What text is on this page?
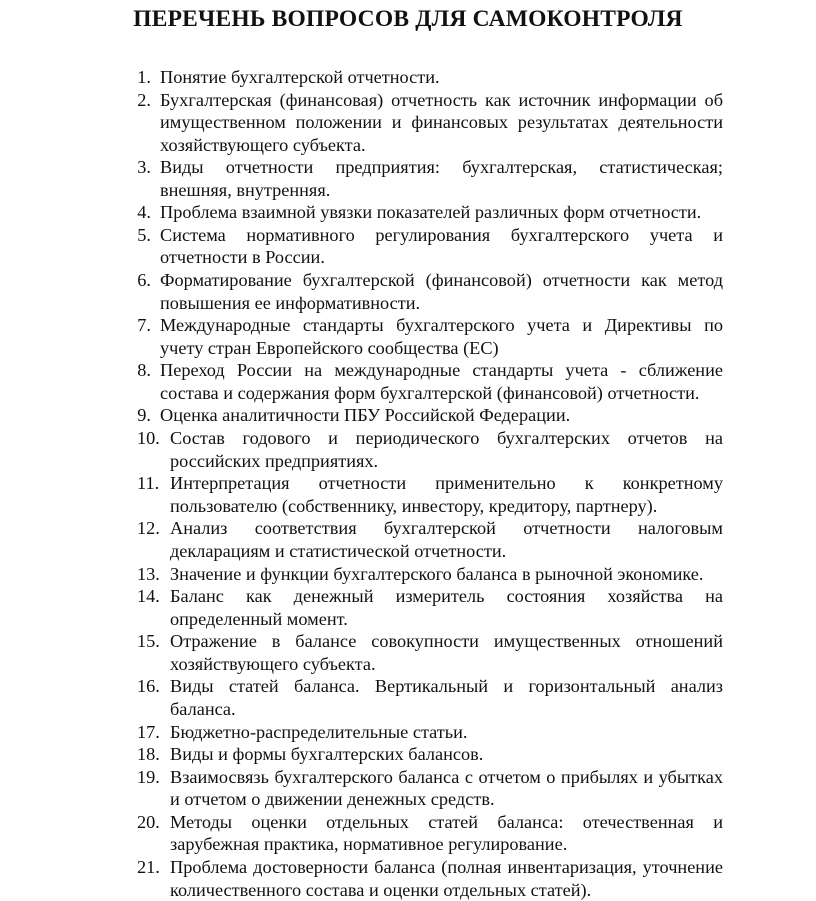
ПЕРЕЧЕНЬ ВОПРОСОВ ДЛЯ САМОКОНТРОЛЯ
1. Понятие бухгалтерской отчетности.
2. Бухгалтерская (финансовая) отчетность как источник информации об имущественном положении и финансовых результатах деятельности хозяйствующего субъекта.
3. Виды отчетности предприятия: бухгалтерская, статистическая; внешняя, внутренняя.
4. Проблема взаимной увязки показателей различных форм отчетности.
5. Система нормативного регулирования бухгалтерского учета и отчетности в России.
6. Форматирование бухгалтерской (финансовой) отчетности как метод повышения ее информативности.
7. Международные стандарты бухгалтерского учета и Директивы по учету стран Европейского сообщества (ЕС)
8. Переход России на международные стандарты учета - сближение состава и содержания форм бухгалтерской (финансовой) отчетности.
9. Оценка аналитичности ПБУ Российской Федерации.
10. Состав годового и периодического бухгалтерских отчетов на российских предприятиях.
11. Интерпретация отчетности применительно к конкретному пользователю (собственнику, инвестору, кредитору, партнеру).
12. Анализ соответствия бухгалтерской отчетности налоговым декларациям и статистической отчетности.
13. Значение и функции бухгалтерского баланса в рыночной экономике.
14. Баланс как денежный измеритель состояния хозяйства на определенный момент.
15. Отражение в балансе совокупности имущественных отношений хозяйствующего субъекта.
16. Виды статей баланса. Вертикальный и горизонтальный анализ баланса.
17. Бюджетно-распределительные статьи.
18. Виды и формы бухгалтерских балансов.
19. Взаимосвязь бухгалтерского баланса с отчетом о прибылях и убытках и отчетом о движении денежных средств.
20. Методы оценки отдельных статей баланса: отечественная и зарубежная практика, нормативное регулирование.
21. Проблема достоверности баланса (полная инвентаризация, уточнение количественного состава и оценки отдельных статей).
